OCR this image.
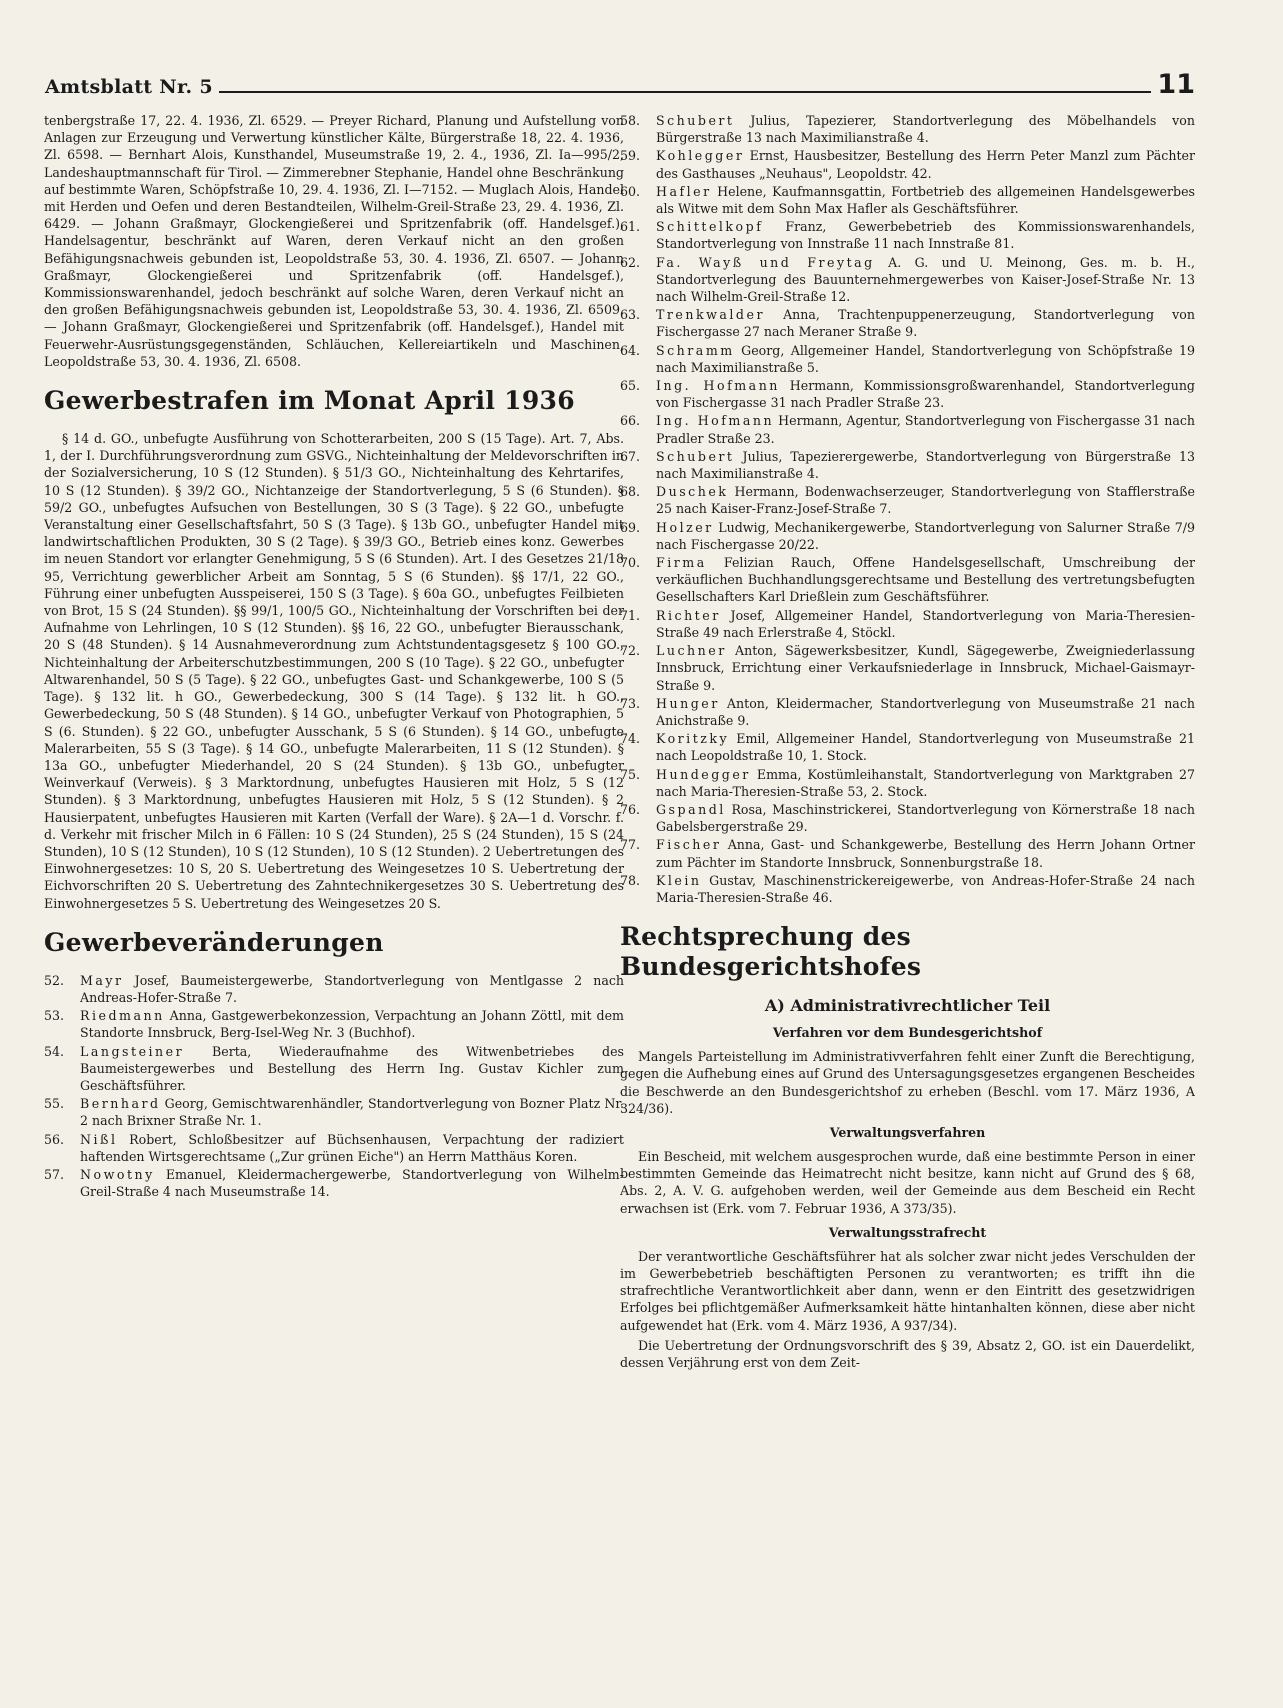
Amtsblatt Nr. 5	11

tenbergstraße 17, 22. 4. 1936, Zl. 6529. — Preyer Richard, Planung und Aufstellung von Anlagen zur Erzeugung und Verwertung künstlicher Kälte, Bürgerstraße 18, 22. 4. 1936, Zl. 6598. — Bernhart Alois, Kunsthandel, Museumstraße 19, 2. 4., 1936, Zl. Ia—995/2, Landeshauptmannschaft für Tirol. — Zimmerebner Stephanie, Handel ohne Beschränkung auf bestimmte Waren, Schöpfstraße 10, 29. 4. 1936, Zl. I—7152. — Muglach Alois, Handel mit Herden und Oefen und deren Bestandteilen, Wilhelm-Greil-Straße 23, 29. 4. 1936, Zl. 6429. — Johann Graßmayr, Glockengießerei und Spritzenfabrik (off. Handelsgef.), Handelsagentur, beschränkt auf Waren, deren Verkauf nicht an den großen Befähigungsnachweis gebunden ist, Leopoldstraße 53, 30. 4. 1936, Zl. 6507. — Johann Graßmayr, Glockengießerei und Spritzenfabrik (off. Handelsgef.), Kommissionswarenhandel, jedoch beschränkt auf solche Waren, deren Verkauf nicht an den großen Befähigungsnachweis gebunden ist, Leopoldstraße 53, 30. 4. 1936, Zl. 6509. — Johann Graßmayr, Glockengießerei und Spritzenfabrik (off. Handelsgef.), Handel mit Feuerwehr-Ausrüstungsgegenständen, Schläuchen, Kellereiartikeln und Maschinen, Leopoldstraße 53, 30. 4. 1936, Zl. 6508.

Gewerbestrafen im Monat April 1936

§ 14 d. GO., unbefugte Ausführung von Schotterarbeiten, 200 S (15 Tage). Art. 7, Abs. 1, der I. Durchführungsverordnung zum GSVG., Nichteinhaltung der Meldevorschriften in der Sozialversicherung, 10 S (12 Stunden). § 51/3 GO., Nichteinhaltung des Kehrtarifes, 10 S (12 Stunden). § 39/2 GO., Nichtanzeige der Standortverlegung, 5 S (6 Stunden). § 59/2 GO., unbefugtes Aufsuchen von Bestellungen, 30 S (3 Tage). § 22 GO., unbefugte Veranstaltung einer Gesellschaftsfahrt, 50 S (3 Tage). § 13b GO., unbefugter Handel mit landwirtschaftlichen Produkten, 30 S (2 Tage). § 39/3 GO., Betrieb eines konz. Gewerbes im neuen Standort vor erlangter Genehmigung, 5 S (6 Stunden). Art. I des Gesetzes 21/18 95, Verrichtung gewerblicher Arbeit am Sonntag, 5 S (6 Stunden). §§ 17/1, 22 GO., Führung einer unbefugten Ausspeiserei, 150 S (3 Tage). § 60a GO., unbefugtes Feilbieten von Brot, 15 S (24 Stunden). §§ 99/1, 100/5 GO., Nichteinhaltung der Vorschriften bei der Aufnahme von Lehrlingen, 10 S (12 Stunden). §§ 16, 22 GO., unbefugter Bierausschank, 20 S (48 Stunden). § 14 Ausnahmeverordnung zum Achtstundentagsgesetz § 100 GO., Nichteinhaltung der Arbeiterschutzbestimmungen, 200 S (10 Tage). § 22 GO., unbefugter Altwarenhandel, 50 S (5 Tage). § 22 GO., unbefugtes Gast- und Schankgewerbe, 100 S (5 Tage). § 132 lit. h GO., Gewerbedeckung, 300 S (14 Tage). § 132 lit. h GO., Gewerbedeckung, 50 S (48 Stunden). § 14 GO., unbefugter Verkauf von Photographien, 5 S (6. Stunden). § 22 GO., unbefugter Ausschank, 5 S (6 Stunden). § 14 GO., unbefugte Malerarbeiten, 55 S (3 Tage). § 14 GO., unbefugte Malerarbeiten, 11 S (12 Stunden). § 13a GO., unbefugter Miederhandel, 20 S (24 Stunden). § 13b GO., unbefugter Weinverkauf (Verweis). § 3 Marktordnung, unbefugtes Hausieren mit Holz, 5 S (12 Stunden). § 3 Marktordnung, unbefugtes Hausieren mit Holz, 5 S (12 Stunden). § 2 Hausierpatent, unbefugtes Hausieren mit Karten (Verfall der Ware). § 2A—1 d. Vorschr. f. d. Verkehr mit frischer Milch in 6 Fällen: 10 S (24 Stunden), 25 S (24 Stunden), 15 S (24 Stunden), 10 S (12 Stunden), 10 S (12 Stunden), 10 S (12 Stunden). 2 Uebertretungen des Einwohnergesetzes: 10 S, 20 S. Uebertretung des Weingesetzes 10 S. Uebertretung der Eichvorschriften 20 S. Uebertretung des Zahntechnikergesetzes 30 S. Uebertretung des Einwohnergesetzes 5 S. Uebertretung des Weingesetzes 20 S.

Gewerbeveränderungen
52.	Mayr Josef, Baumeistergewerbe, Standortverlegung von Mentlgasse 2 nach Andreas-Hofer-Straße 7.
53.	Riedmann Anna, Gastgewerbekonzession, Verpachtung an Johann Zöttl, mit dem Standorte Innsbruck, Berg-Isel-Weg Nr. 3 (Buchhof).
54.	Langsteiner Berta, Wiederaufnahme des Witwenbetriebes des Baumeistergewerbes und Bestellung des Herrn Ing. Gustav Kichler zum Geschäftsführer.
55.	Bernhard Georg, Gemischtwarenhändler, Standortverlegung von Bozner Platz Nr. 2 nach Brixner Straße Nr. 1.
56.	Nißl Robert, Schloßbesitzer auf Büchsenhausen, Verpachtung der radiziert haftenden Wirtsgerechtsame („Zur grünen Eiche") an Herrn Matthäus Koren.
57.	Nowotny Emanuel, Kleidermachergewerbe, Standortverlegung von Wilhelm-Greil-Straße 4 nach Museumstraße 14.
58.	Schubert Julius, Tapezierer, Standortverlegung des Möbelhandels von Bürgerstraße 13 nach Maximilianstraße 4.
59.	Kohlegger Ernst, Hausbesitzer, Bestellung des Herrn Peter Manzl zum Pächter des Gasthauses „Neuhaus", Leopoldstr. 42.
60.	Hafler Helene, Kaufmannsgattin, Fortbetrieb des allgemeinen Handelsgewerbes als Witwe mit dem Sohn Max Hafler als Geschäftsführer.
61.	Schittelkopf Franz, Gewerbebetrieb des Kommissionswarenhandels, Standortverlegung von Innstraße 11 nach Innstraße 81.
62.	Fa. Wayß und Freytag A. G. und U. Meinong, Ges. m. b. H., Standortverlegung des Bauunternehmergewerbes von Kaiser-Josef-Straße Nr. 13 nach Wilhelm-Greil-Straße 12.
63.	Trenkwalder Anna, Trachtenpuppenerzeugung, Standortverlegung von Fischergasse 27 nach Meraner Straße 9.
64.	Schramm Georg, Allgemeiner Handel, Standortverlegung von Schöpfstraße 19 nach Maximilianstraße 5.
65.	Ing. Hofmann Hermann, Kommissionsgroßwarenhandel, Standortverlegung von Fischergasse 31 nach Pradler Straße 23.
66.	Ing. Hofmann Hermann, Agentur, Standortverlegung von Fischergasse 31 nach Pradler Straße 23.
67.	Schubert Julius, Tapezierergewerbe, Standortverlegung von Bürgerstraße 13 nach Maximilianstraße 4.
68.	Duschek Hermann, Bodenwachserzeuger, Standortverlegung von Stafflerstraße 25 nach Kaiser-Franz-Josef-Straße 7.
69.	Holzer Ludwig, Mechanikergewerbe, Standortverlegung von Salurner Straße 7/9 nach Fischergasse 20/22.
70.	Firma Felizian Rauch, Offene Handelsgesellschaft, Umschreibung der verkäuflichen Buchhandlungsgerechtsame und Bestellung des vertretungsbefugten Gesellschafters Karl Drießlein zum Geschäftsführer.
71.	Richter Josef, Allgemeiner Handel, Standortverlegung von Maria-Theresien-Straße 49 nach Erlerstraße 4, Stöckl.
72.	Luchner Anton, Sägewerksbesitzer, Kundl, Sägegewerbe, Zweigniederlassung Innsbruck, Errichtung einer Verkaufsniederlage in Innsbruck, Michael-Gaismayr-Straße 9.
73.	Hunger Anton, Kleidermacher, Standortverlegung von Museumstraße 21 nach Anichstraße 9.
74.	Koritzky Emil, Allgemeiner Handel, Standortverlegung von Museumstraße 21 nach Leopoldstraße 10, 1. Stock.
75.	Hundegger Emma, Kostümleihanstalt, Standortverlegung von Marktgraben 27 nach Maria-Theresien-Straße 53, 2. Stock.
76.	Gspandl Rosa, Maschinstrickerei, Standortverlegung von Körnerstraße 18 nach Gabelsbergerstraße 29.
77.	Fischer Anna, Gast- und Schankgewerbe, Bestellung des Herrn Johann Ortner zum Pächter im Standorte Innsbruck, Sonnenburgstraße 18.
78.	Klein Gustav, Maschinenstrickereigewerbe, von Andreas-Hofer-Straße 24 nach Maria-Theresien-Straße 46.
Rechtsprechung des Bundesgerichtshofes
A) Administrativrechtlicher Teil
Verfahren vor dem Bundesgerichtshof

Mangels Parteistellung im Administrativverfahren fehlt einer Zunft die Berechtigung, gegen die Aufhebung eines auf Grund des Untersagungsgesetzes ergangenen Bescheides die Beschwerde an den Bundesgerichtshof zu erheben (Beschl. vom 17. März 1936, A 324/36).

Verwaltungsverfahren

Ein Bescheid, mit welchem ausgesprochen wurde, daß eine bestimmte Person in einer bestimmten Gemeinde das Heimatrecht nicht besitze, kann nicht auf Grund des § 68, Abs. 2, A. V. G. aufgehoben werden, weil der Gemeinde aus dem Bescheid ein Recht erwachsen ist (Erk. vom 7. Februar 1936, A 373/35).

Verwaltungsstrafrecht

Der verantwortliche Geschäftsführer hat als solcher zwar nicht jedes Verschulden der im Gewerbebetrieb beschäftigten Personen zu verantworten; es trifft ihn die strafrechtliche Verantwortlichkeit aber dann, wenn er den Eintritt des gesetzwidrigen Erfolges bei pflichtgemäßer Aufmerksamkeit hätte hintanhalten können, diese aber nicht aufgewendet hat (Erk. vom 4. März 1936, A 937/34).

Die Uebertretung der Ordnungsvorschrift des § 39, Absatz 2, GO. ist ein Dauerdelikt, dessen Verjährung erst von dem Zeit-
